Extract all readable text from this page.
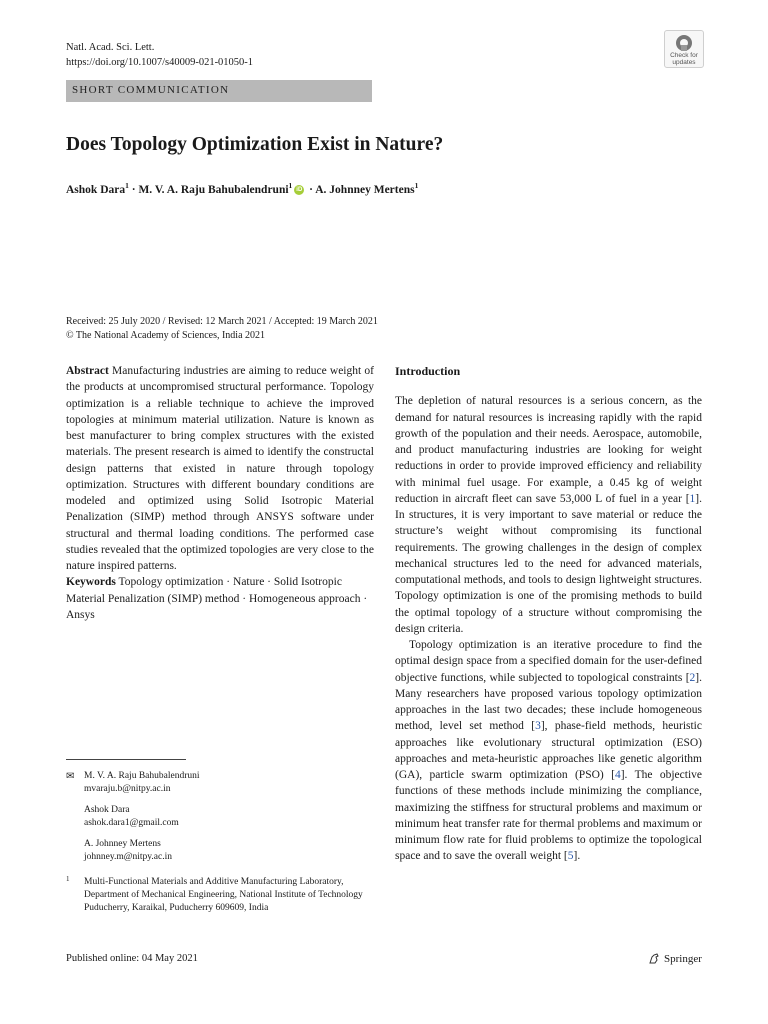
Natl. Acad. Sci. Lett.
https://doi.org/10.1007/s40009-021-01050-1
Check for
updates
SHORT COMMUNICATION
Does Topology Optimization Exist in Nature?
Ashok Dara$^1$ · M. V. A. Raju Bahubalendruni$^1$iD · A. Johnney Mertens$^1$
Received: 25 July 2020 / Revised: 12 March 2021 / Accepted: 19 March 2021
© The National Academy of Sciences, India 2021

Abstract Manufacturing industries are aiming to reduce weight of the products at uncompromised structural performance. Topology optimization is a reliable technique to achieve the improved topologies at minimum material utilization. Nature is known as best manufacturer to bring complex structures with the existed materials. The present research is aimed to identify the constructal design patterns that existed in nature through topology optimization. Structures with different boundary conditions are modeled and optimized using Solid Isotropic Material Penalization (SIMP) method through ANSYS software under structural and thermal loading conditions. The performed case studies revealed that the optimized topologies are very close to the nature inspired patterns.

Keywords Topology optimization · Nature · Solid Isotropic Material Penalization (SIMP) method · Homogeneous approach · Ansys

✉ M. V. A. Raju Bahubalendruni
mvaraju.b@nitpy.ac.in
Ashok Dara
ashok.dara1@gmail.com
A. Johnney Mertens
johnney.m@nitpy.ac.in
1 Multi-Functional Materials and Additive Manufacturing Laboratory, Department of Mechanical Engineering, National Institute of Technology Puducherry, Karaikal, Puducherry 609609, India
Introduction

The depletion of natural resources is a serious concern, as the demand for natural resources is increasing rapidly with the rapid growth of the population and their needs. Aerospace, automobile, and product manufacturing industries are looking for weight reductions in order to provide improved efficiency and reliability with minimal fuel usage. For example, a 0.45 kg of weight reduction in aircraft fleet can save 53,000 L of fuel in a year [1]. In structures, it is very important to save material or reduce the structure’s weight without compromising its functional requirements. The growing challenges in the design of complex mechanical structures led to the need for advanced materials, computational methods, and tools to design lightweight structures. Topology optimization is one of the promising methods to build the optimal topology of a structure without compromising the design criteria.

Topology optimization is an iterative procedure to find the optimal design space from a specified domain for the user-defined objective functions, while subjected to topological constraints [2]. Many researchers have proposed various topology optimization approaches in the last two decades; these include homogeneous method, level set method [3], phase-field methods, heuristic approaches like evolutionary structural optimization (ESO) approaches and meta-heuristic approaches like genetic algorithm (GA), particle swarm optimization (PSO) [4]. The objective functions of these methods include minimizing the compliance, maximizing the stiffness for structural problems and maximum or minimum heat transfer rate for thermal problems and maximum or minimum flow rate for fluid problems to optimize the topological space and to save the overall weight [5].

Published online: 04 May 2021	Springer
